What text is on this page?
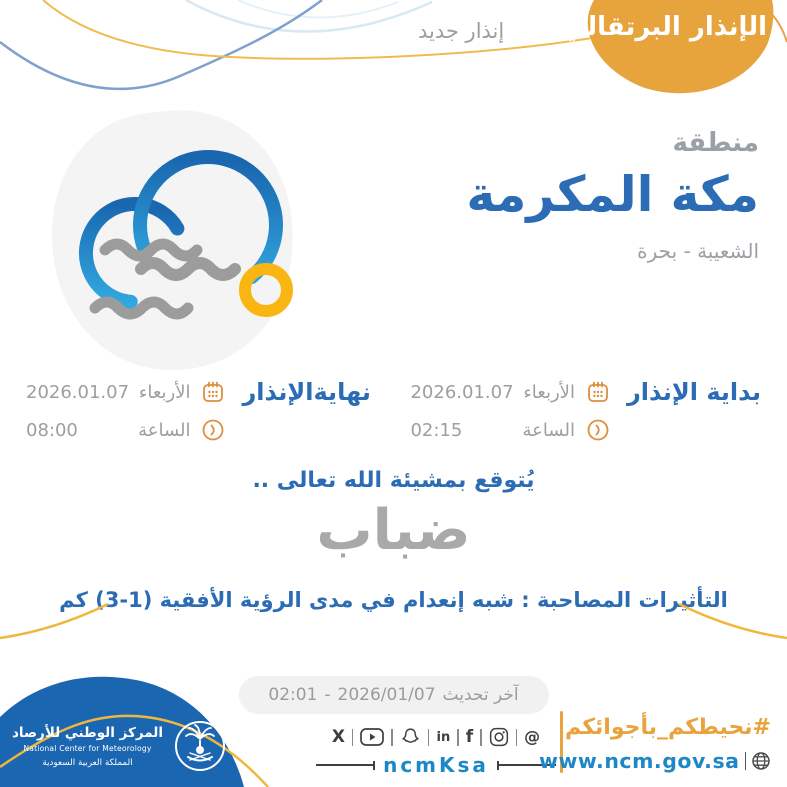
الإنذار البرتقالي
إنذار جديد
منطقة
مكة المكرمة
الشعيبة - بحرة
بداية الإنذار
الأربعاء
2026.01.07
الساعة
02:15
نهايةالإنذار
الأربعاء
2026.01.07
الساعة
08:00
يُتوقع بمشيئة الله تعالى ..
ضباب
التأثيرات المصاحبة : شبه إنعدام في مدى الرؤية الأفقية (1-3) كم
آخر تحديث
2026/01/07
-
02:01
المركز الوطني للأرصاد
National Center for Meteorology
المملكة العربية السعودية
X	in f	@
ncmKsa
#نحيطكم_بأجوائكم
www.ncm.gov.sa
